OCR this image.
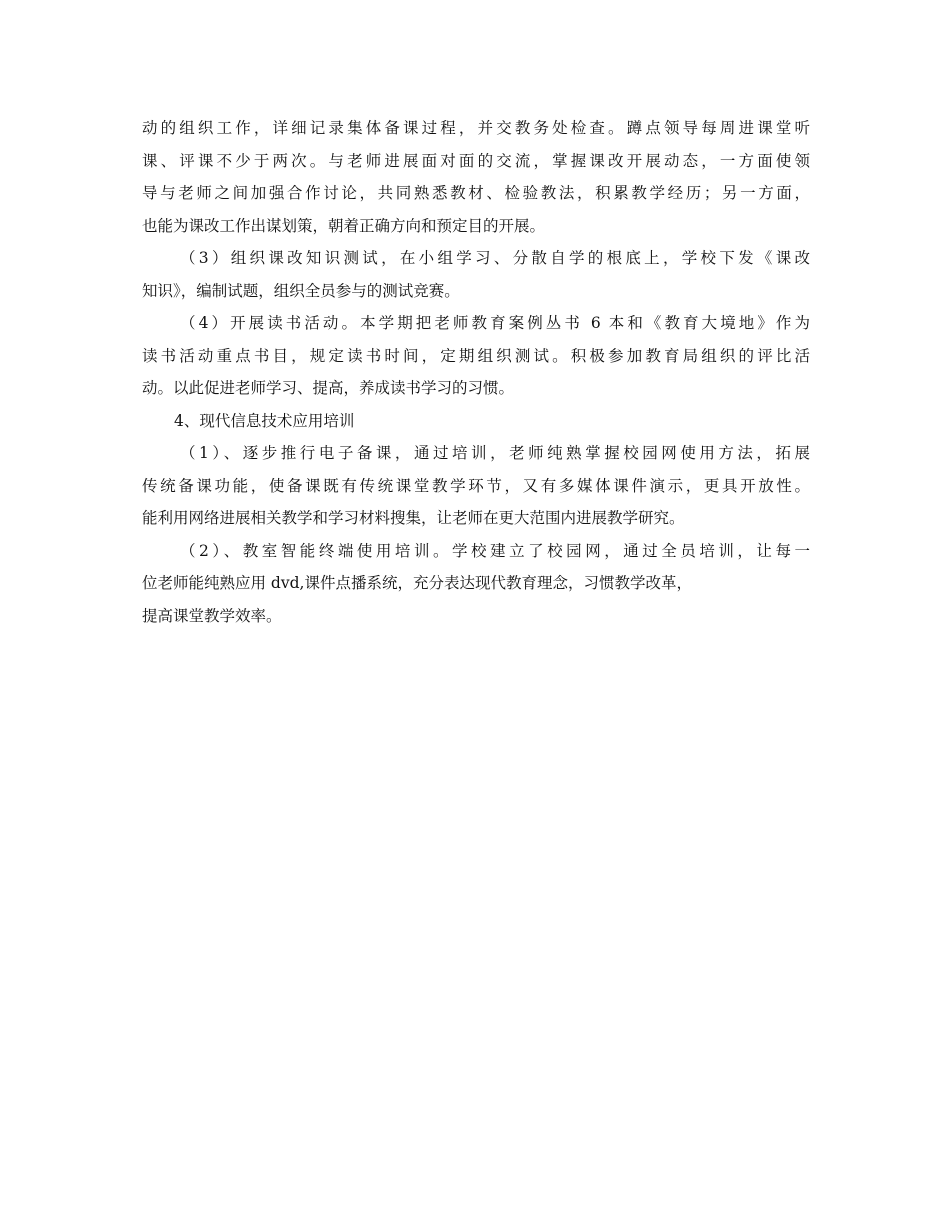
动的组织工作，详细记录集体备课过程，并交教务处检查。蹲点领导每周进课堂听
课、评课不少于两次。与老师进展面对面的交流，掌握课改开展动态，一方面使领
导与老师之间加强合作讨论，共同熟悉教材、检验教法，积累教学经历；另一方面，
也能为课改工作出谋划策，朝着正确方向和预定目的开展。
（3）组织课改知识测试，在小组学习、分散自学的根底上，学校下发《课改
知识》，编制试题，组织全员参与的测试竞赛。
（4）开展读书活动。本学期把老师教育案例丛书 6 本和《教育大境地》作为
读书活动重点书目，规定读书时间，定期组织测试。积极参加教育局组织的评比活
动。以此促进老师学习、提高，养成读书学习的习惯。
4、现代信息技术应用培训
（1）、逐步推行电子备课，通过培训，老师纯熟掌握校园网使用方法，拓展
传统备课功能，使备课既有传统课堂教学环节，又有多媒体课件演示，更具开放性。
能利用网络进展相关教学和学习材料搜集，让老师在更大范围内进展教学研究。
（2）、教室智能终端使用培训。学校建立了校园网，通过全员培训，让每一
位老师能纯熟应用 dvd,课件点播系统，充分表达现代教育理念，习惯教学改革，
提高课堂教学效率。
